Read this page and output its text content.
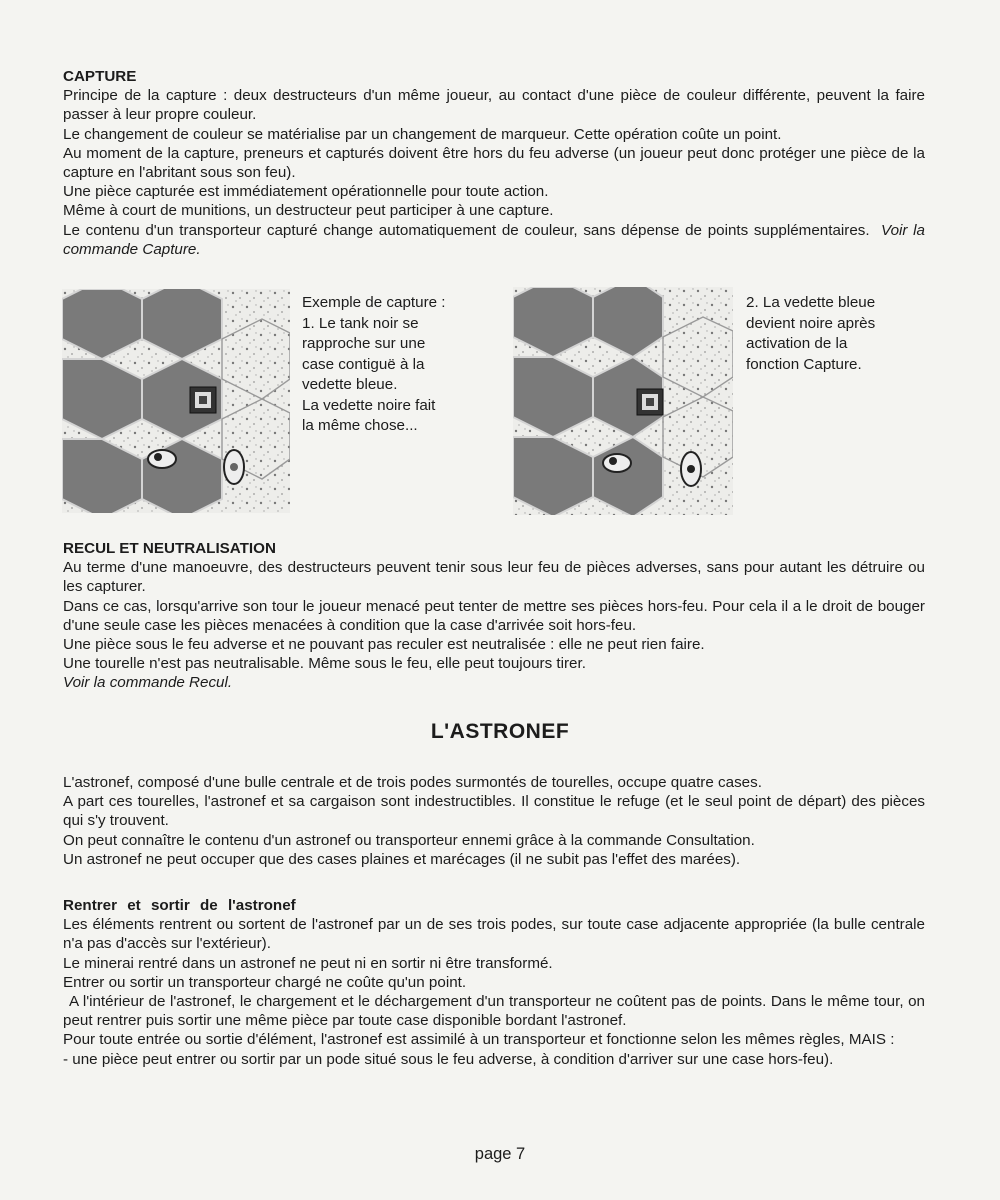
CAPTURE

Principe de la capture : deux destructeurs d'un même joueur, au contact d'une pièce de couleur différente, peuvent la faire passer à leur propre couleur.

Le changement de couleur se matérialise par un changement de marqueur. Cette opération coûte un point.

Au moment de la capture, preneurs et capturés doivent être hors du feu adverse (un joueur peut donc protéger une pièce de la capture en l'abritant sous son feu).

Une pièce capturée est immédiatement opérationnelle pour toute action.

Même à court de munitions, un destructeur peut participer à une capture.

Le contenu d'un transporteur capturé change automatiquement de couleur, sans dépense de points supplémentaires. Voir la commande Capture.

Exemple de capture :
1. Le tank noir se
rapproche sur une
case contiguë à la
vedette bleue.
La vedette noire fait
la même chose...
2. La vedette bleue
devient noire après
activation de la
fonction Capture.

RECUL ET NEUTRALISATION

Au terme d'une manoeuvre, des destructeurs peuvent tenir sous leur feu de pièces adverses, sans pour autant les détruire ou les capturer.

Dans ce cas, lorsqu'arrive son tour le joueur menacé peut tenter de mettre ses pièces hors-feu. Pour cela il a le droit de bouger d'une seule case les pièces menacées à condition que la case d'arrivée soit hors-feu.

Une pièce sous le feu adverse et ne pouvant pas reculer est neutralisée : elle ne peut rien faire.

Une tourelle n'est pas neutralisable. Même sous le feu, elle peut toujours tirer.

Voir la commande Recul.

L'ASTRONEF

L'astronef, composé d'une bulle centrale et de trois podes surmontés de tourelles, occupe quatre cases.

A part ces tourelles, l'astronef et sa cargaison sont indestructibles. Il constitue le refuge (et le seul point de départ) des pièces qui s'y trouvent.

On peut connaître le contenu d'un astronef ou transporteur ennemi grâce à la commande Consultation.

Un astronef ne peut occuper que des cases plaines et marécages (il ne subit pas l'effet des marées).

Rentrer et sortir de l'astronef

Les éléments rentrent ou sortent de l'astronef par un de ses trois podes, sur toute case adjacente appropriée (la bulle centrale n'a pas d'accès sur l'extérieur).

Le minerai rentré dans un astronef ne peut ni en sortir ni être transformé.

Entrer ou sortir un transporteur chargé ne coûte qu'un point.

A l'intérieur de l'astronef, le chargement et le déchargement d'un transporteur ne coûtent pas de points. Dans le même tour, on peut rentrer puis sortir une même pièce par toute case disponible bordant l'astronef.

Pour toute entrée ou sortie d'élément, l'astronef est assimilé à un transporteur et fonctionne selon les mêmes règles, MAIS :

- une pièce peut entrer ou sortir par un pode situé sous le feu adverse, à condition d'arriver sur une case hors-feu).

page 7
